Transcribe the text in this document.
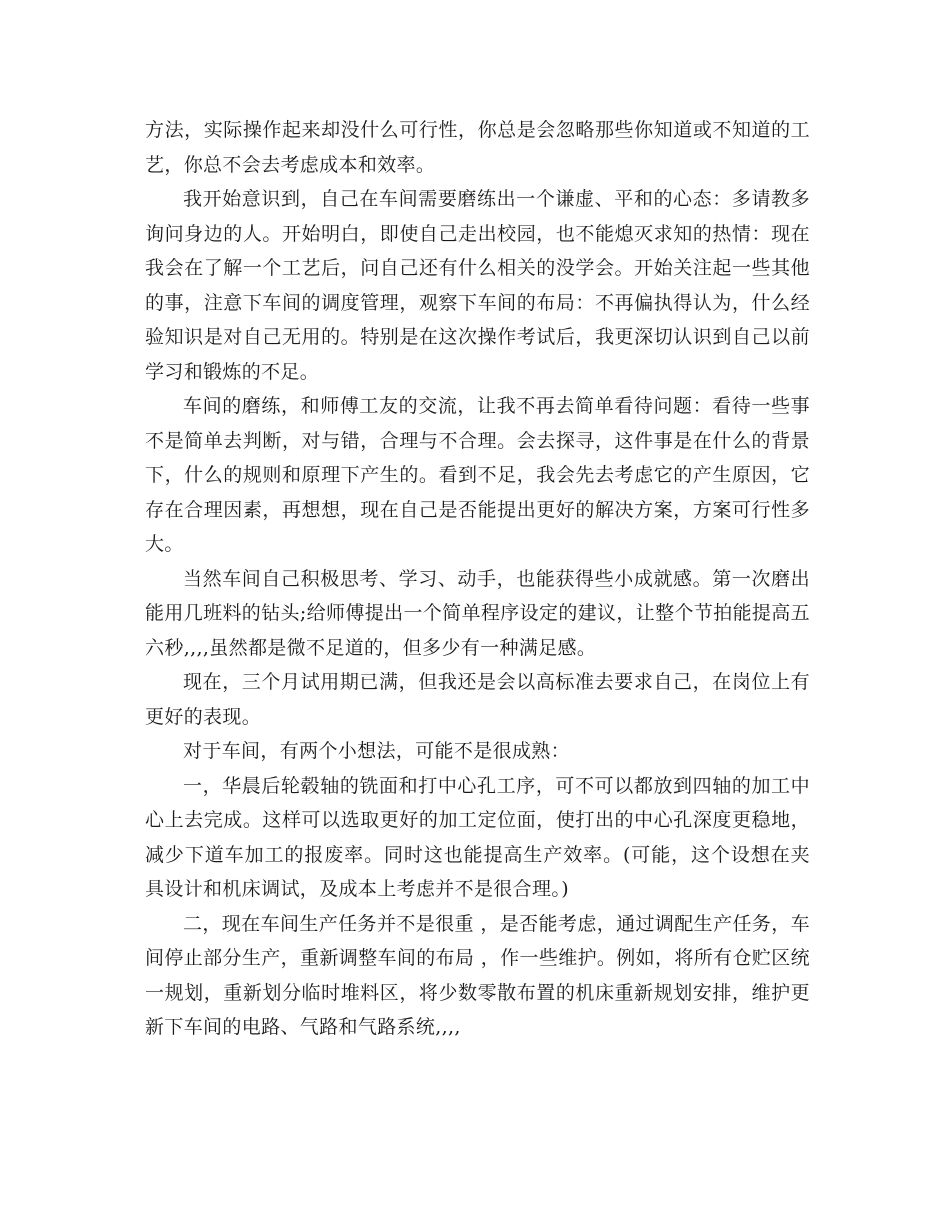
方法，实际操作起来却没什么可行性，你总是会忽略那些你知道或不知道的工艺，你总不会去考虑成本和效率。

我开始意识到，自己在车间需要磨练出一个谦虚、平和的心态：多请教多询问身边的人。开始明白，即使自己走出校园，也不能熄灭求知的热情：现在我会在了解一个工艺后，问自己还有什么相关的没学会。开始关注起一些其他的事，注意下车间的调度管理，观察下车间的布局：不再偏执得认为，什么经验知识是对自己无用的。特别是在这次操作考试后，我更深切认识到自己以前学习和锻炼的不足。

车间的磨练，和师傅工友的交流，让我不再去简单看待问题：看待一些事不是简单去判断，对与错，合理与不合理。会去探寻，这件事是在什么的背景下，什么的规则和原理下产生的。看到不足，我会先去考虑它的产生原因，它存在合理因素，再想想，现在自己是否能提出更好的解决方案，方案可行性多大。

当然车间自己积极思考、学习、动手，也能获得些小成就感。第一次磨出能用几班料的钻头;给师傅提出一个简单程序设定的建议，让整个节拍能提高五六秒,,,,虽然都是微不足道的，但多少有一种满足感。

现在，三个月试用期已满，但我还是会以高标准去要求自己，在岗位上有更好的表现。

对于车间，有两个小想法，可能不是很成熟：

一，华晨后轮毂轴的铣面和打中心孔工序，可不可以都放到四轴的加工中心上去完成。这样可以选取更好的加工定位面，使打出的中心孔深度更稳地，减少下道车加工的报废率。同时这也能提高生产效率。(可能，这个设想在夹具设计和机床调试，及成本上考虑并不是很合理。)

二，现在车间生产任务并不是很重 ，是否能考虑，通过调配生产任务，车间停止部分生产，重新调整车间的布局 ，作一些维护。例如，将所有仓贮区统一规划，重新划分临时堆料区，将少数零散布置的机床重新规划安排，维护更新下车间的电路、气路和气路系统,,,,
